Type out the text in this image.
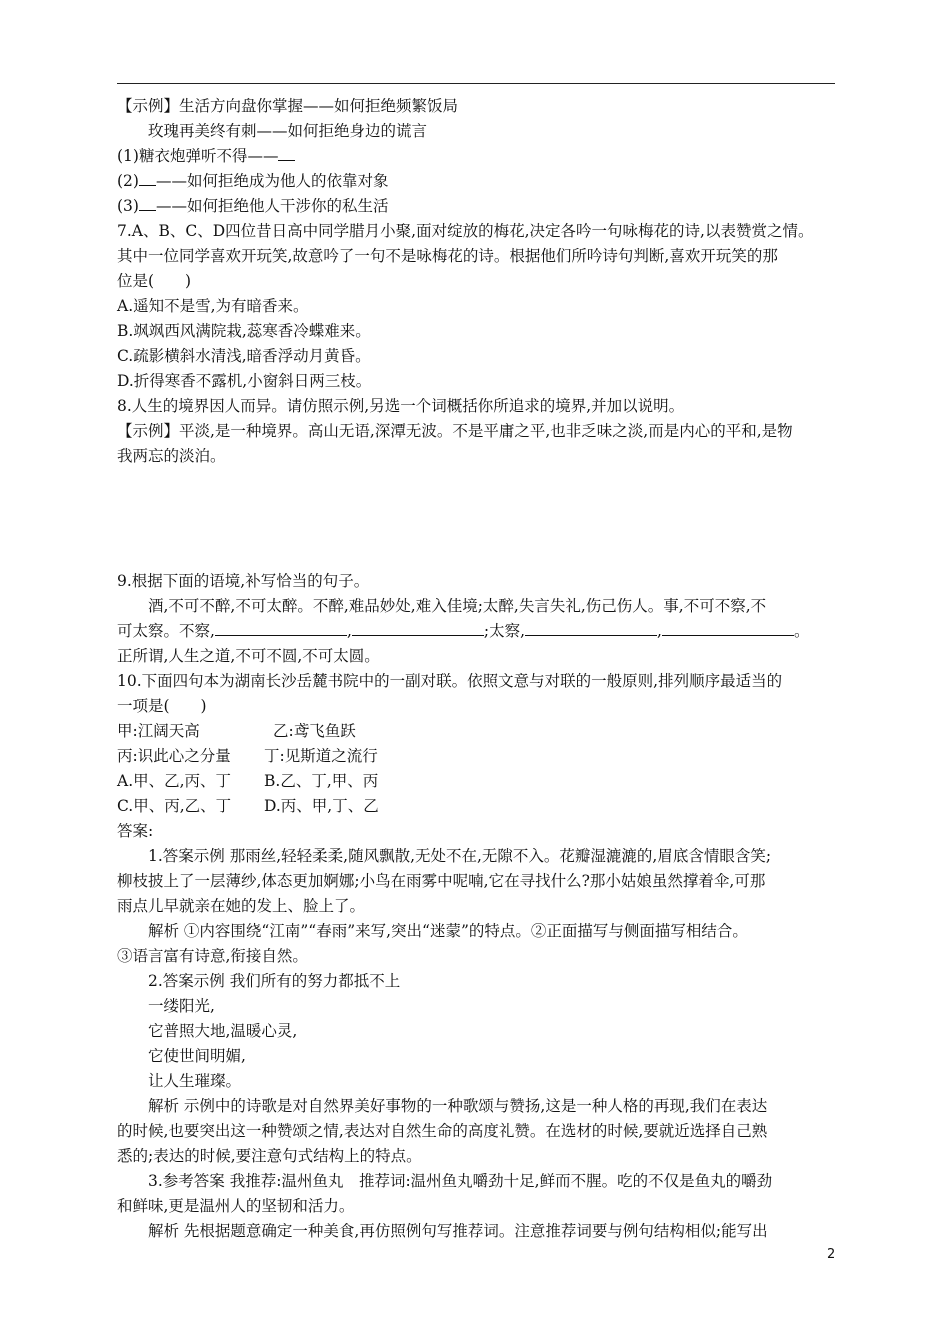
【示例】生活方向盘你掌握——如何拒绝频繁饭局
玫瑰再美终有刺——如何拒绝身边的谎言
(1)糖衣炮弹听不得——
(2) ——如何拒绝成为他人的依靠对象
(3) ——如何拒绝他人干涉你的私生活
7.A、B、C、D四位昔日高中同学腊月小聚,面对绽放的梅花,决定各吟一句咏梅花的诗,以表赞赏之情。
其中一位同学喜欢开玩笑,故意吟了一句不是咏梅花的诗。根据他们所吟诗句判断,喜欢开玩笑的那
位是(　　)
A.遥知不是雪,为有暗香来。
B.飒飒西风满院栽,蕊寒香冷蝶难来。
C.疏影横斜水清浅,暗香浮动月黄昏。
D.折得寒香不露机,小窗斜日两三枝。
8.人生的境界因人而异。请仿照示例,另选一个词概括你所追求的境界,并加以说明。
【示例】平淡,是一种境界。高山无语,深潭无波。不是平庸之平,也非乏味之淡,而是内心的平和,是物
我两忘的淡泊。
9.根据下面的语境,补写恰当的句子。
酒,不可不醉,不可太醉。不醉,难品妙处,难入佳境;太醉,失言失礼,伤己伤人。事,不可不察,不
可太察。不察,	,	;太察,	,	。
正所谓,人生之道,不可不圆,不可太圆。
10.下面四句本为湖南长沙岳麓书院中的一副对联。依照文意与对联的一般原则,排列顺序最适当的
一项是(　　)
甲:江阔天高	乙:鸢飞鱼跃
丙:识此心之分量 丁:见斯道之流行
A.甲、乙,丙、丁 B.乙、丁,甲、丙
C.甲、丙,乙、丁 D.丙、甲,丁、乙
答案:
1.答案示例 那雨丝,轻轻柔柔,随风飘散,无处不在,无隙不入。花瓣湿漉漉的,眉底含情眼含笑;
柳枝披上了一层薄纱,体态更加婀娜;小鸟在雨雾中呢喃,它在寻找什么?那小姑娘虽然撑着伞,可那
雨点儿早就亲在她的发上、脸上了。
解析 ①内容围绕“江南”“春雨”来写,突出“迷蒙”的特点。②正面描写与侧面描写相结合。
③语言富有诗意,衔接自然。
2.答案示例 我们所有的努力都抵不上
一缕阳光,
它普照大地,温暖心灵,
它使世间明媚,
让人生璀璨。
解析 示例中的诗歌是对自然界美好事物的一种歌颂与赞扬,这是一种人格的再现,我们在表达
的时候,也要突出这一种赞颂之情,表达对自然生命的高度礼赞。在选材的时候,要就近选择自己熟
悉的;表达的时候,要注意句式结构上的特点。
3.参考答案 我推荐:温州鱼丸　推荐词:温州鱼丸嚼劲十足,鲜而不腥。吃的不仅是鱼丸的嚼劲
和鲜味,更是温州人的坚韧和活力。
解析 先根据题意确定一种美食,再仿照例句写推荐词。注意推荐词要与例句结构相似;能写出
2
